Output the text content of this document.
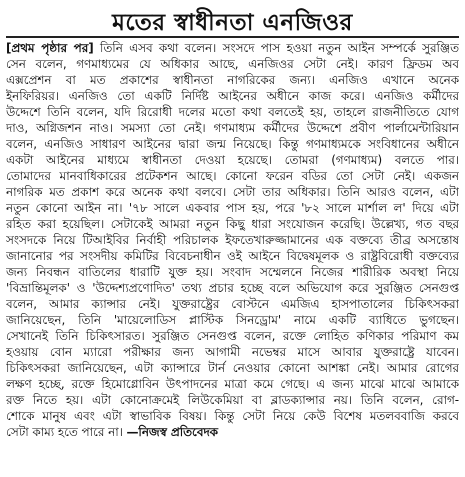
মতের স্বাধীনতা এনজিওর
[প্রথম পৃষ্ঠার পর] তিনি এসব কথা বলেন। সংসদে পাস হওয়া নতুন আইন সম্পর্কে সুরঞ্জিত
সেন বলেন, গণমাধ্যমের যে অধিকার আছে, এনজিওর সেটা নেই। কারণ ফ্রিডম অব
এক্সপ্রেশন বা মত প্রকাশের স্বাধীনতা নাগরিকের জন্য। এনজিও এখানে অনেক
ইনফিরিয়র। এনজিও তো একটি নির্দিষ্ট আইনের অধীনে কাজ করে। এনজিও কর্মীদের
উদ্দেশে তিনি বলেন, যদি রিরোধী দলের মতো কথা বলতেই হয়, তাহলে রাজনীতিতে যোগ
দাও, অগ্নিজশন নাও। সমস্যা তো নেই। গণমাধ্যম কর্মীদের উদ্দেশে প্রবীণ পার্লামেন্টারিয়ান
বলেন, এনজিও সাধারণ আইনের দ্বারা জন্ম নিয়েছে। কিন্তু গণমাধ্যমকে সংবিধানের অধীনে
একটা আইনের মাধ্যমে স্বাধীনতা দেওয়া হয়েছে। তোমরা (গণমাধ্যম) বলতে পার।
তোমাদের মানবাধিকারের প্রটেকশন আছে। কোনো ফরেন বডির তো সেটা নেই। একজন
নাগরিক মত প্রকাশ করে অনেক কথা বলবে। সেটা তার অধিকার। তিনি আরও বলেন, এটা
নতুন কোনো আইন না। '৭৮ সালে একবার পাস হয়, পরে '৮২ সালে মার্শাল ল' দিয়ে এটা
রহিত করা হয়েছিল। সেটাকেই আমরা নতুন কিছু ধারা সংযোজন করেছি। উল্লেখ্য, গত বছর
সংসদকে নিয়ে টিআইবির নির্বাহী পরিচালক ইফতেখারুজ্জামানের এক বক্তব্যে তীব্র অসন্তোষ
জানানোর পর সংসদীয় কমিটির বিবেচনাধীন ওই আইনে বিদ্বেষমূলক ও রাষ্ট্রবিরোধী বক্তব্যের
জন্য নিবন্ধন বাতিলের ধারাটি যুক্ত হয়। সংবাদ সম্মেলনে নিজের শারীরিক অবস্থা নিয়ে
'বিভ্রান্তিমূলক' ও 'উদ্দেশ্যপ্রণোদিত' তথ্য প্রচার হচ্ছে বলে অভিযোগ করে সুরঞ্জিত সেনগুপ্ত
বলেন, আমার ক্যান্সার নেই। যুক্তরাষ্ট্রের বোস্টনে এমজিএ হাসপাতালের চিকিৎসকরা
জানিয়েছেন, তিনি 'মায়েলোডিস প্লাস্টিক সিনড্রোম' নামে একটি ব্যাধিতে ভুগছেন।
সেখানেই তিনি চিকিৎসারত। সুরঞ্জিত সেনগুপ্ত বলেন, রক্তে লোহিত কণিকার পরিমাণ কম
হওয়ায় বোন ম্যারো পরীক্ষার জন্য আগামী নভেম্বর মাসে আবার যুক্তরাষ্ট্রে যাবেন।
চিকিৎসকরা জানিয়েছেন, এটা ক্যান্সারে টার্ন নেওয়ার কোনো আশঙ্কা নেই। আমার রোগের
লক্ষণ হচ্ছে, রক্তে হিমোগ্লোবিন উৎপাদনের মাত্রা কমে গেছে। এ জন্য মাঝে মাঝে আমাকে
রক্ত নিতে হয়। এটা কোনোক্রমেই লিউকেমিয়া বা ব্লাডক্যান্সার নয়। তিনি বলেন, রোগ-
শোকে মানুষ এবং এটা স্বাভাবিক বিষয়। কিন্তু সেটা নিয়ে কেউ বিশেষ মতলববাজি করবে
সেটা কাম্য হতে পারে না। —নিজস্ব প্রতিবেদক
